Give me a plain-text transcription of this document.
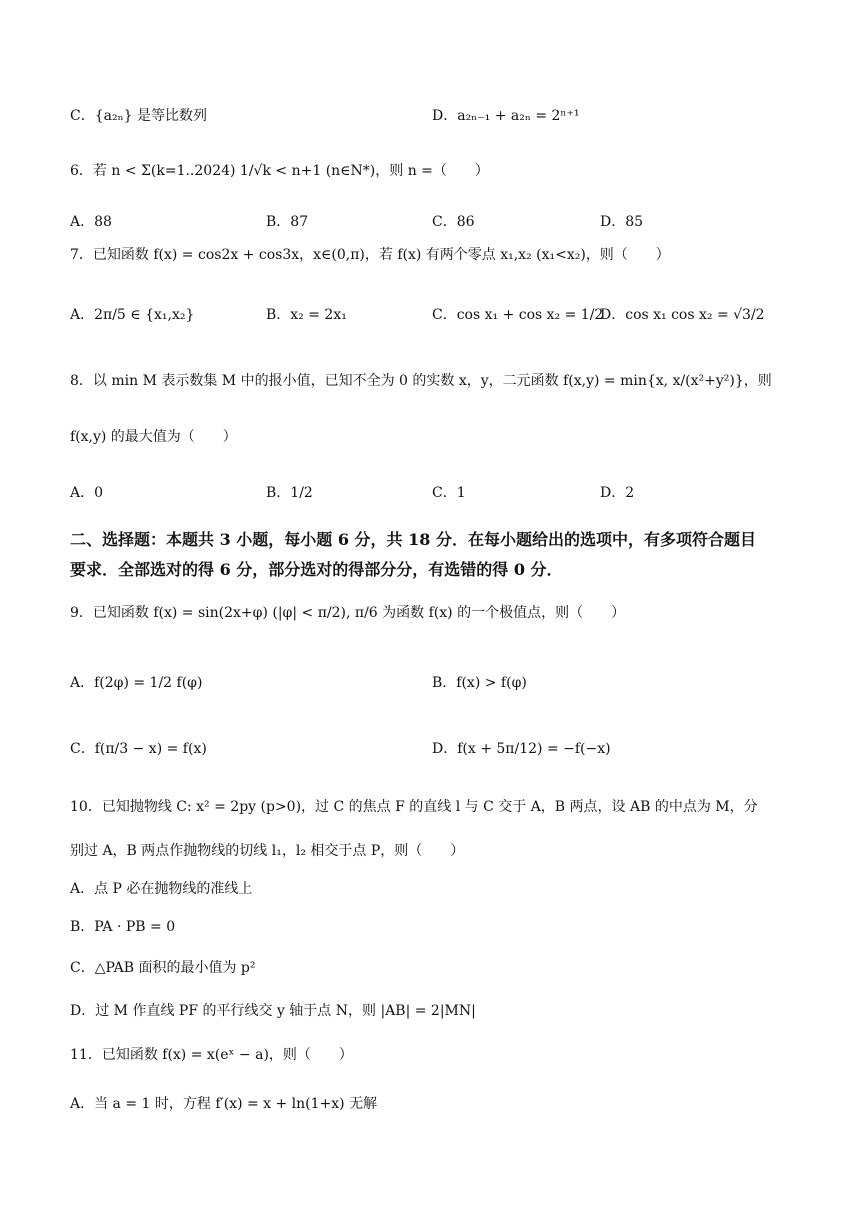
C．{a₂ₙ} 是等比数列	D．a₂ₙ₋₁ + a₂ₙ = 2ⁿ⁺¹
6．若 n < Σ(k=1..2024) 1/√k < n+1 (n∈N*)，则 n =（　　）
A．88	B．87	C．86	D．85
7．已知函数 f(x) = cos2x + cos3x，x∈(0,π)，若 f(x) 有两个零点 x₁,x₂ (x₁<x₂)，则（　　）
A．2π/5 ∈ {x₁,x₂}	B．x₂ = 2x₁	C．cos x₁ + cos x₂ = 1/2
D．cos x₁ cos x₂ = √3/2
8．以 min M 表示数集 M 中的报小值，已知不全为 0 的实数 x，y，二元函数 f(x,y) = min{x, x/(x²+y²)}，则
f(x,y) 的最大值为（　　）
A．0	B．1/2	C．1	D．2
二、选择题：本题共 3 小题，每小题 6 分，共 18 分．在每小题给出的选项中，有多项符合题目
要求．全部选对的得 6 分，部分选对的得部分分，有选错的得 0 分．
9．已知函数 f(x) = sin(2x+φ) (|φ| < π/2), π/6 为函数 f(x) 的一个极值点，则（　　）
A．f(2φ) = 1/2 f(φ)	B．f(x) > f(φ)
C．f(π/3 − x) = f(x)	D．f(x + 5π/12) = −f(−x)
10．已知抛物线 C: x² = 2py (p>0)，过 C 的焦点 F 的直线 l 与 C 交于 A，B 两点，设 AB 的中点为 M，分
别过 A，B 两点作抛物线的切线 l₁，l₂ 相交于点 P，则（　　）
A．点 P 必在抛物线的准线上
B．PA · PB = 0
C．△PAB 面积的最小值为 p²
D．过 M 作直线 PF 的平行线交 y 轴于点 N，则 |AB| = 2|MN|
11．已知函数 f(x) = x(eˣ − a)，则（　　）
A．当 a = 1 时，方程 f′(x) = x + ln(1+x) 无解
